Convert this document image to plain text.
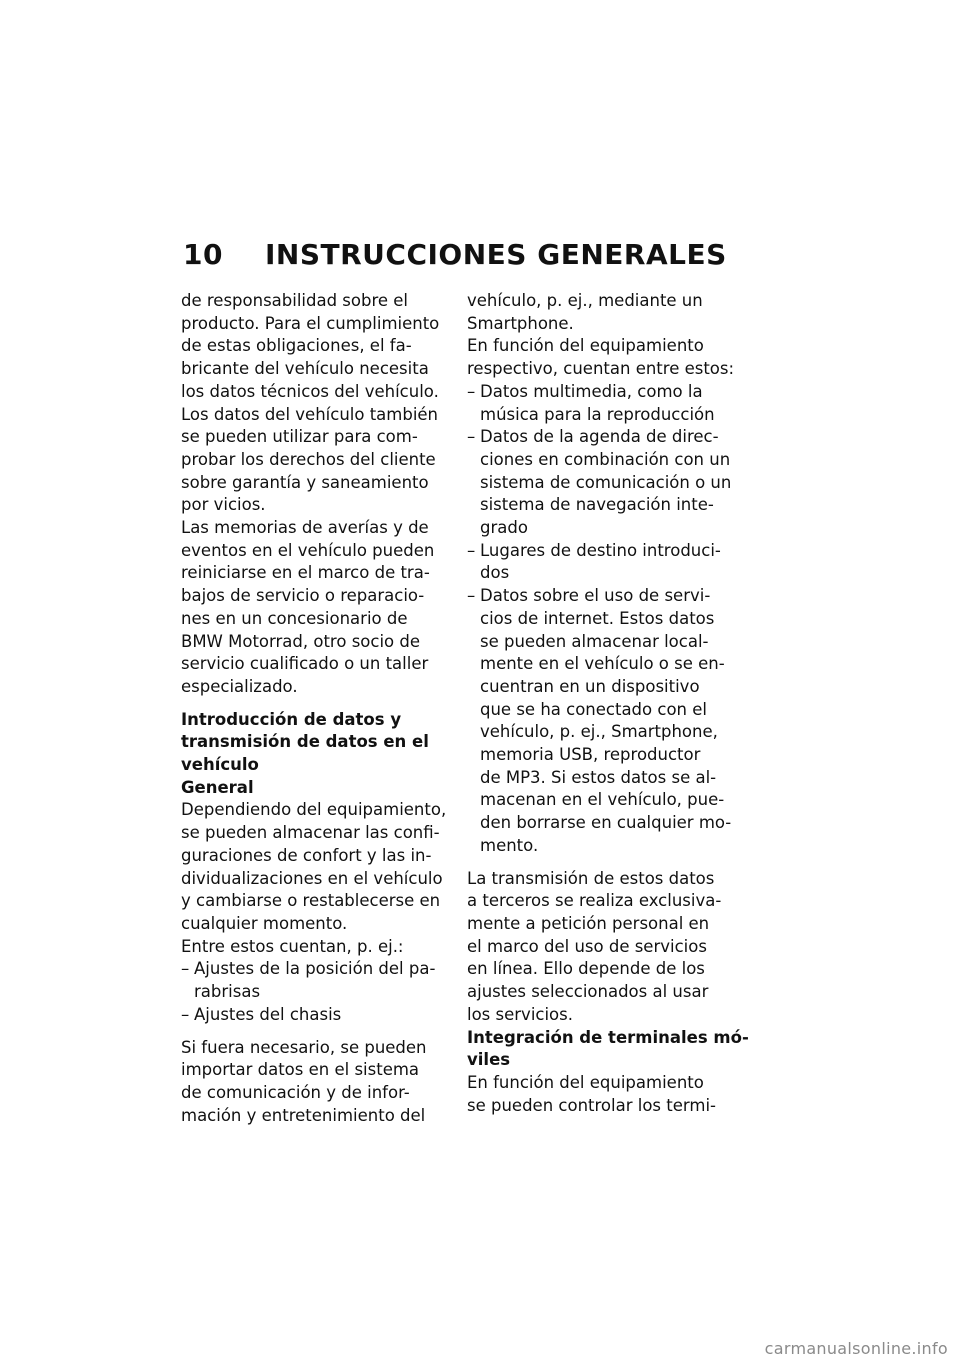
10 INSTRUCCIONES GENERALES
de responsabilidad sobre el
producto. Para el cumplimiento
de estas obligaciones, el fa-
bricante del vehículo necesita
los datos técnicos del vehículo.
Los datos del vehículo también
se pueden utilizar para com-
probar los derechos del cliente
sobre garantía y saneamiento
por vicios.
Las memorias de averías y de
eventos en el vehículo pueden
reiniciarse en el marco de tra-
bajos de servicio o reparacio-
nes en un concesionario de
BMW Motorrad, otro socio de
servicio cualificado o un taller
especializado.
Introducción de datos y
transmisión de datos en el
vehículo
General
Dependiendo del equipamiento,
se pueden almacenar las confi-
guraciones de confort y las in-
dividualizaciones en el vehículo
y cambiarse o restablecerse en
cualquier momento.
Entre estos cuentan, p. ej.:
– Ajustes de la posición del pa-
rabrisas
– Ajustes del chasis
Si fuera necesario, se pueden
importar datos en el sistema
de comunicación y de infor-
mación y entretenimiento del
vehículo, p. ej., mediante un
Smartphone.
En función del equipamiento
respectivo, cuentan entre estos:
– Datos multimedia, como la
música para la reproducción
– Datos de la agenda de direc-
ciones en combinación con un
sistema de comunicación o un
sistema de navegación inte-
grado
– Lugares de destino introduci-
dos
– Datos sobre el uso de servi-
cios de internet. Estos datos
se pueden almacenar local-
mente en el vehículo o se en-
cuentran en un dispositivo
que se ha conectado con el
vehículo, p. ej., Smartphone,
memoria USB, reproductor
de MP3. Si estos datos se al-
macenan en el vehículo, pue-
den borrarse en cualquier mo-
mento.
La transmisión de estos datos
a terceros se realiza exclusiva-
mente a petición personal en
el marco del uso de servicios
en línea. Ello depende de los
ajustes seleccionados al usar
los servicios.
Integración de terminales mó-
viles
En función del equipamiento
se pueden controlar los termi-
carmanualsonline.info
